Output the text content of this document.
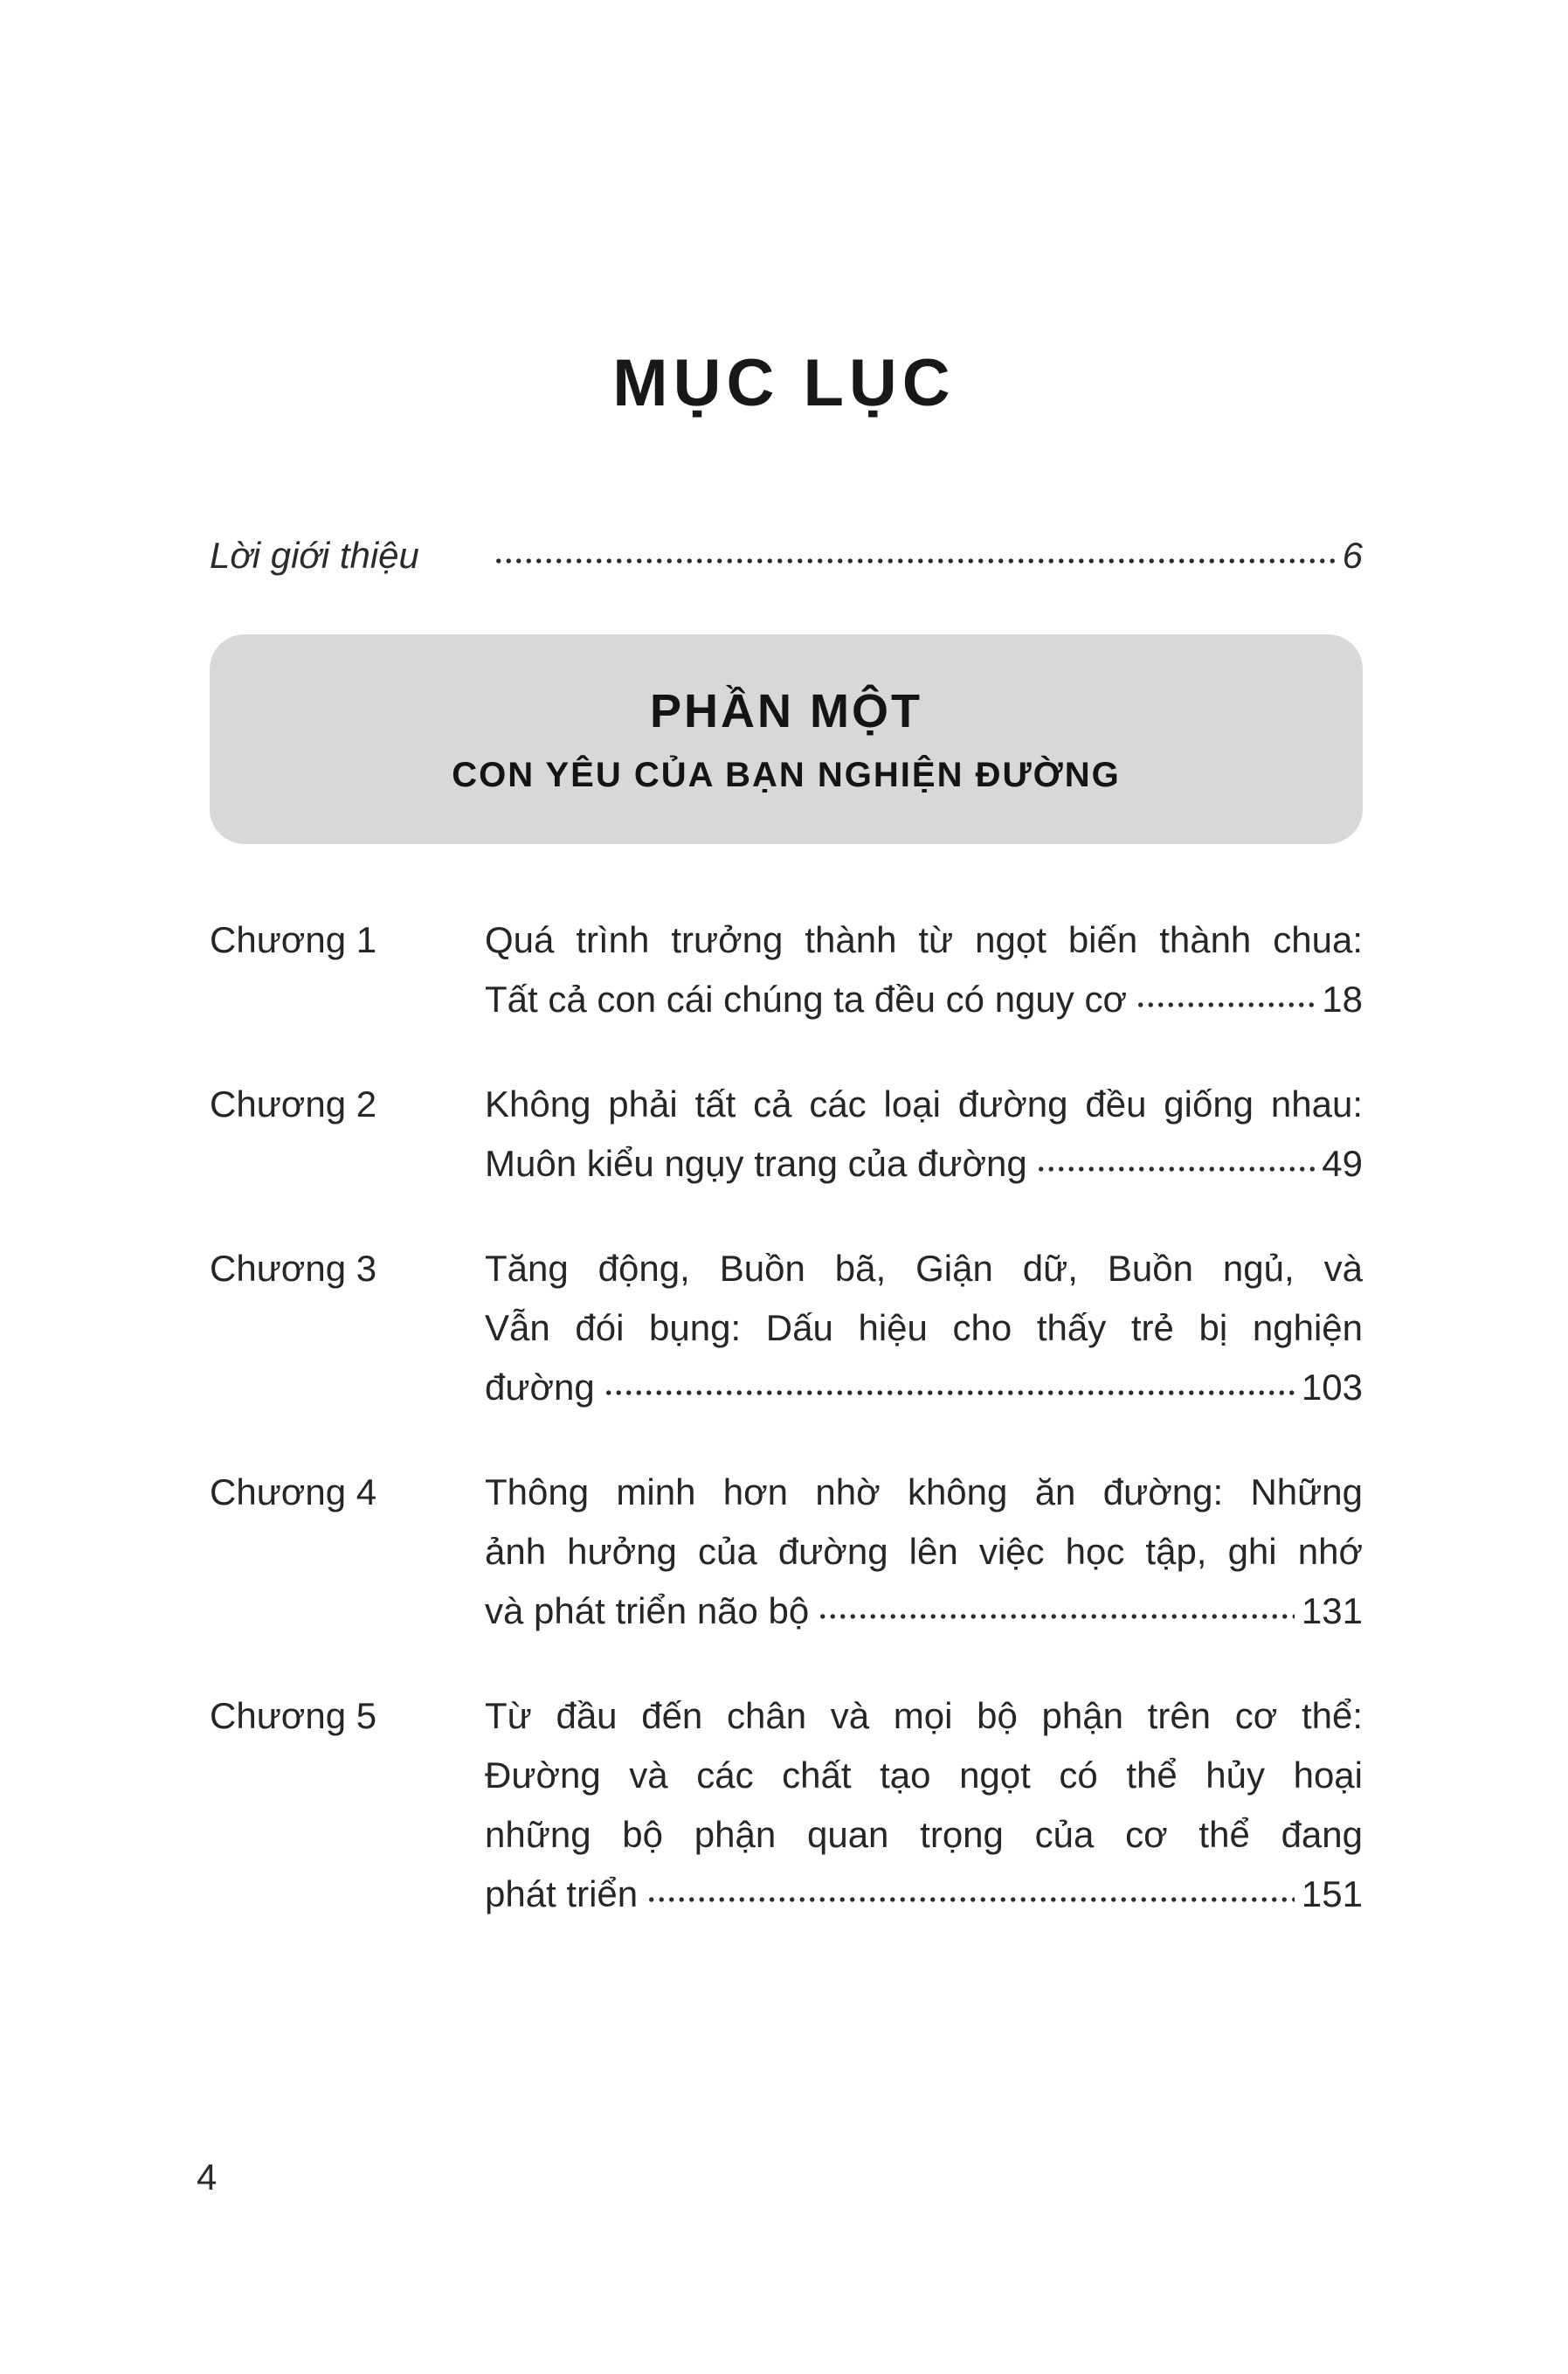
MỤC LỤC
Lời giới thiệu	6
PHẦN MỘT
CON YÊU CỦA BẠN NGHIỆN ĐƯỜNG
Chương 1	Quá trình trưởng thành từ ngọt biến thành chua:
Tất cả con cái chúng ta đều có nguy cơ	18
Chương 2	Không phải tất cả các loại đường đều giống nhau:
Muôn kiểu ngụy trang của đường	49
Chương 3	Tăng động, Buồn bã, Giận dữ, Buồn ngủ, và
Vẫn đói bụng: Dấu hiệu cho thấy trẻ bị nghiện
đường	103
Chương 4	Thông minh hơn nhờ không ăn đường: Những
ảnh hưởng của đường lên việc học tập, ghi nhớ
và phát triển não bộ	131
Chương 5	Từ đầu đến chân và mọi bộ phận trên cơ thể:
Đường và các chất tạo ngọt có thể hủy hoại
những bộ phận quan trọng của cơ thể đang
phát triển	151
4
